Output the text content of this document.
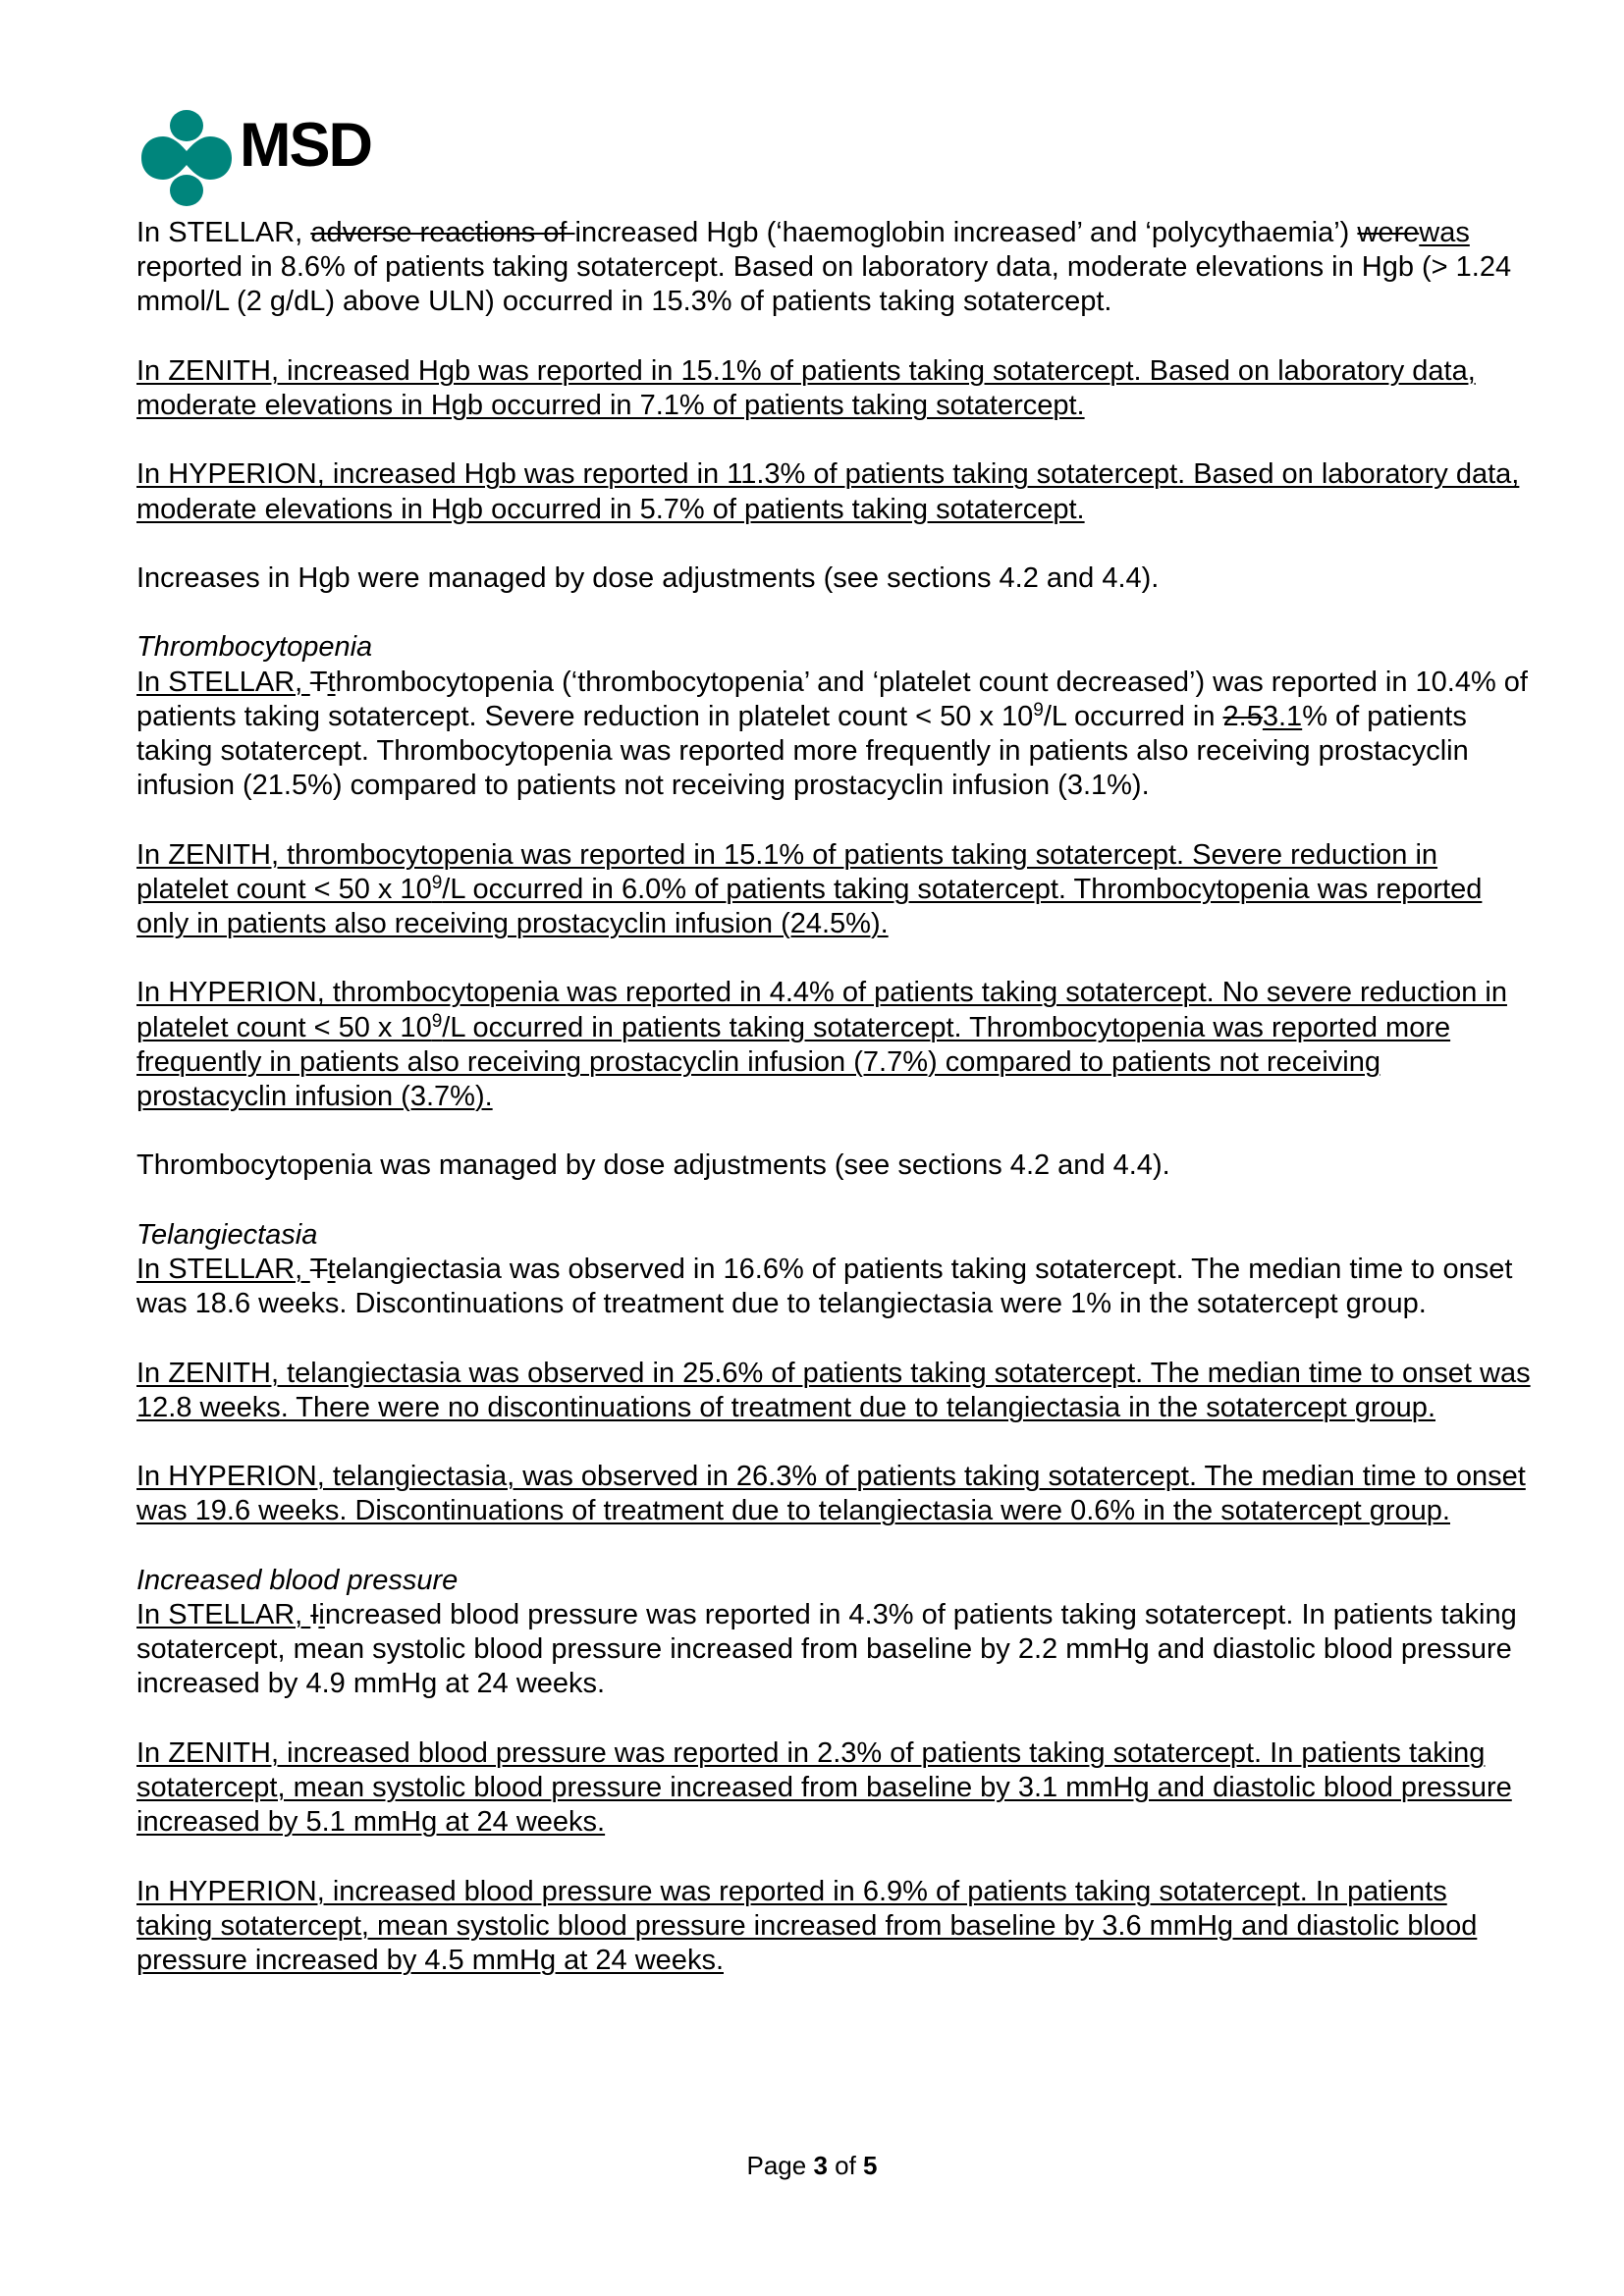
MSD

In STELLAR, adverse reactions of increased Hgb (‘haemoglobin increased’ and ‘polycythaemia’) werewas reported in 8.6% of patients taking sotatercept. Based on laboratory data, moderate elevations in Hgb (> 1.24 mmol/L (2 g/dL) above ULN) occurred in 15.3% of patients taking sotatercept.

In ZENITH, increased Hgb was reported in 15.1% of patients taking sotatercept. Based on laboratory data, moderate elevations in Hgb occurred in 7.1% of patients taking sotatercept.

In HYPERION, increased Hgb was reported in 11.3% of patients taking sotatercept. Based on laboratory data, moderate elevations in Hgb occurred in 5.7% of patients taking sotatercept.

Increases in Hgb were managed by dose adjustments (see sections 4.2 and 4.4).

Thrombocytopenia

In STELLAR, Tthrombocytopenia (‘thrombocytopenia’ and ‘platelet count decreased’) was reported in 10.4% of patients taking sotatercept. Severe reduction in platelet count < 50 x $10^9/L$ occurred in 2.53.1% of patients taking sotatercept. Thrombocytopenia was reported more frequently in patients also receiving prostacyclin infusion (21.5%) compared to patients not receiving prostacyclin infusion (3.1%).

In ZENITH, thrombocytopenia was reported in 15.1% of patients taking sotatercept. Severe reduction in platelet count < 50 x $10^9/L$ occurred in 6.0% of patients taking sotatercept. Thrombocytopenia was reported only in patients also receiving prostacyclin infusion (24.5%).

In HYPERION, thrombocytopenia was reported in 4.4% of patients taking sotatercept. No severe reduction in platelet count < 50 x $10^9/L$ occurred in patients taking sotatercept. Thrombocytopenia was reported more frequently in patients also receiving prostacyclin infusion (7.7%) compared to patients not receiving prostacyclin infusion (3.7%).

Thrombocytopenia was managed by dose adjustments (see sections 4.2 and 4.4).

Telangiectasia

In STELLAR, Ttelangiectasia was observed in 16.6% of patients taking sotatercept. The median time to onset was 18.6 weeks. Discontinuations of treatment due to telangiectasia were 1% in the sotatercept group.

In ZENITH, telangiectasia was observed in 25.6% of patients taking sotatercept. The median time to onset was 12.8 weeks. There were no discontinuations of treatment due to telangiectasia in the sotatercept group.

In HYPERION, telangiectasia, was observed in 26.3% of patients taking sotatercept. The median time to onset was 19.6 weeks. Discontinuations of treatment due to telangiectasia were 0.6% in the sotatercept group.

Increased blood pressure

In STELLAR, Iincreased blood pressure was reported in 4.3% of patients taking sotatercept. In patients taking sotatercept, mean systolic blood pressure increased from baseline by 2.2 mmHg and diastolic blood pressure increased by 4.9 mmHg at 24 weeks.

In ZENITH, increased blood pressure was reported in 2.3% of patients taking sotatercept. In patients taking sotatercept, mean systolic blood pressure increased from baseline by 3.1 mmHg and diastolic blood pressure increased by 5.1 mmHg at 24 weeks.

In HYPERION, increased blood pressure was reported in 6.9% of patients taking sotatercept. In patients taking sotatercept, mean systolic blood pressure increased from baseline by 3.6 mmHg and diastolic blood pressure increased by 4.5 mmHg at 24 weeks.

Page 3 of 5
